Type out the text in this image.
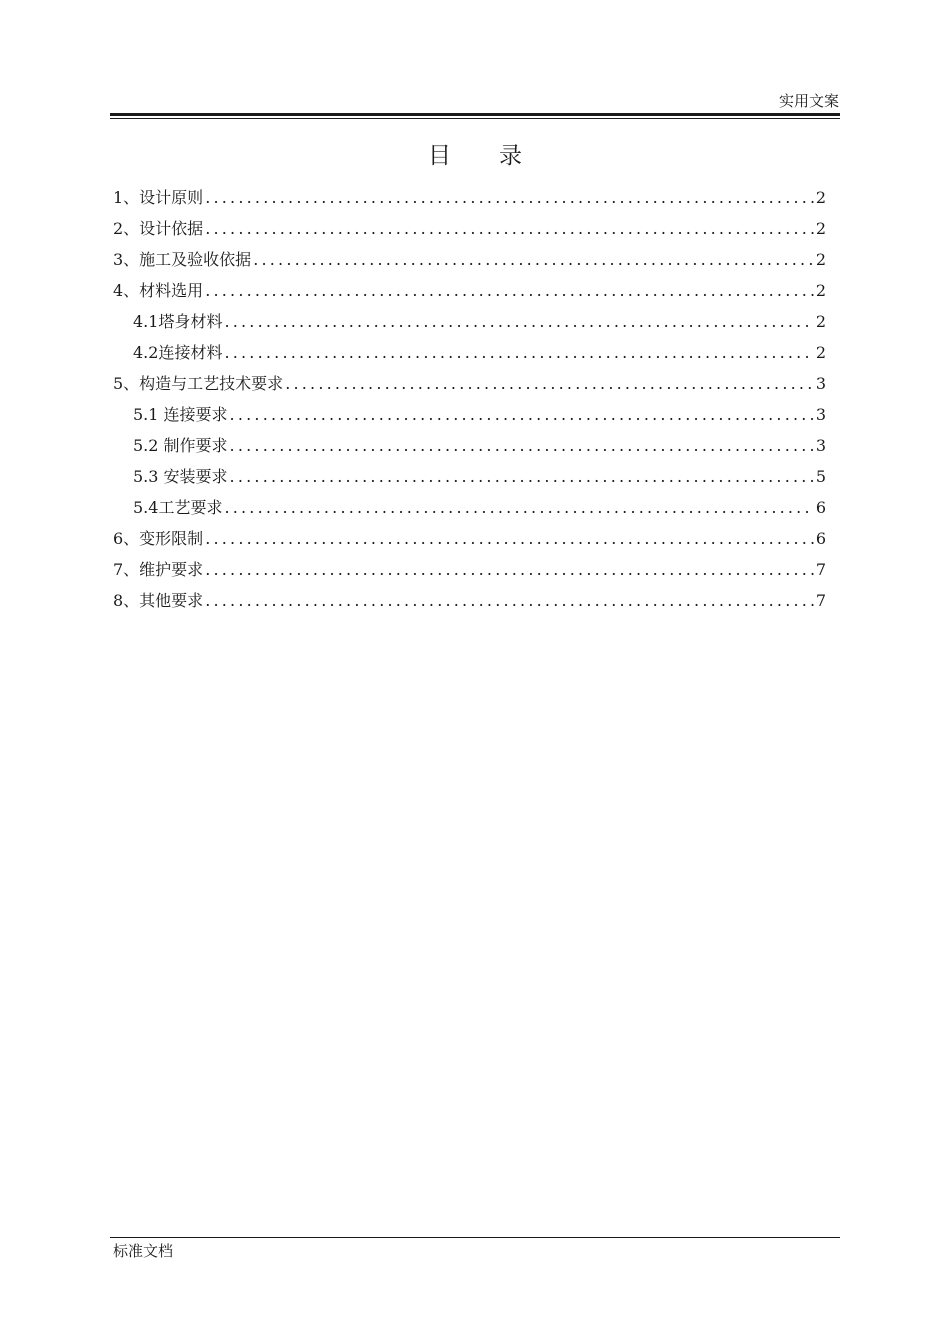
实用文案
目 录
1、设计原则 .....	2
2、设计依据 .....	2
3、施工及验收依据 .....	2
4、材料选用 .....	2
4.1塔身材料 .....	2
4.2连接材料 .....	2
5、构造与工艺技术要求 .....	3
5.1 连接要求 .....	3
5.2 制作要求 .....	3
5.3 安装要求 .....	5
5.4工艺要求 .....	6
6、变形限制 .....	6
7、维护要求 .....	7
8、其他要求 .....	7
标准文档
